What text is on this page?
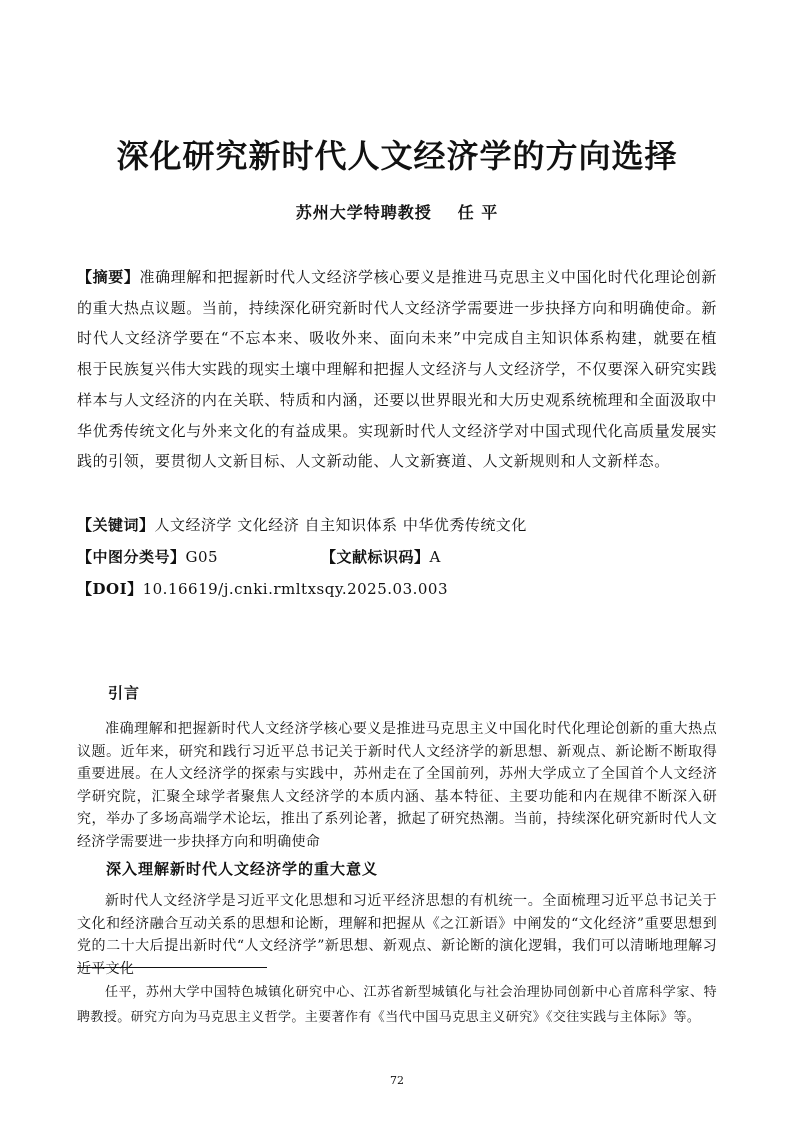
深化研究新时代人文经济学的方向选择
苏州大学特聘教授 任 平
【摘要】准确理解和把握新时代人文经济学核心要义是推进马克思主义中国化时代化理论创新的重大热点议题。当前，持续深化研究新时代人文经济学需要进一步抉择方向和明确使命。新时代人文经济学要在“不忘本来、吸收外来、面向未来”中完成自主知识体系构建，就要在植根于民族复兴伟大实践的现实土壤中理解和把握人文经济与人文经济学，不仅要深入研究实践样本与人文经济的内在关联、特质和内涵，还要以世界眼光和大历史观系统梳理和全面汲取中华优秀传统文化与外来文化的有益成果。实现新时代人文经济学对中国式现代化高质量发展实践的引领，要贯彻人文新目标、人文新动能、人文新赛道、人文新规则和人文新样态。
【关键词】人文经济学 文化经济 自主知识体系 中华优秀传统文化
【中图分类号】G05	【文献标识码】A
【DOI】10.16619/j.cnki.rmltxsqy.2025.03.003
引言
准确理解和把握新时代人文经济学核心要义是推进马克思主义中国化时代化理论创新的重大热点议题。近年来，研究和践行习近平总书记关于新时代人文经济学的新思想、新观点、新论断不断取得重要进展。在人文经济学的探索与实践中，苏州走在了全国前列，苏州大学成立了全国首个人文经济学研究院，汇聚全球学者聚焦人文经济学的本质内涵、基本特征、主要功能和内在规律不断深入研究，举办了多场高端学术论坛，推出了系列论著，掀起了研究热潮。当前，持续深化研究新时代人文经济学需要进一步抉择方向和明确使命
深入理解新时代人文经济学的重大意义
新时代人文经济学是习近平文化思想和习近平经济思想的有机统一。全面梳理习近平总书记关于文化和经济融合互动关系的思想和论断，理解和把握从《之江新语》中阐发的“文化经济”重要思想到党的二十大后提出新时代“人文经济学”新思想、新观点、新论断的演化逻辑，我们可以清晰地理解习近平文化
任平，苏州大学中国特色城镇化研究中心、江苏省新型城镇化与社会治理协同创新中心首席科学家、特聘教授。研究方向为马克思主义哲学。主要著作有《当代中国马克思主义研究》《交往实践与主体际》等。
72
